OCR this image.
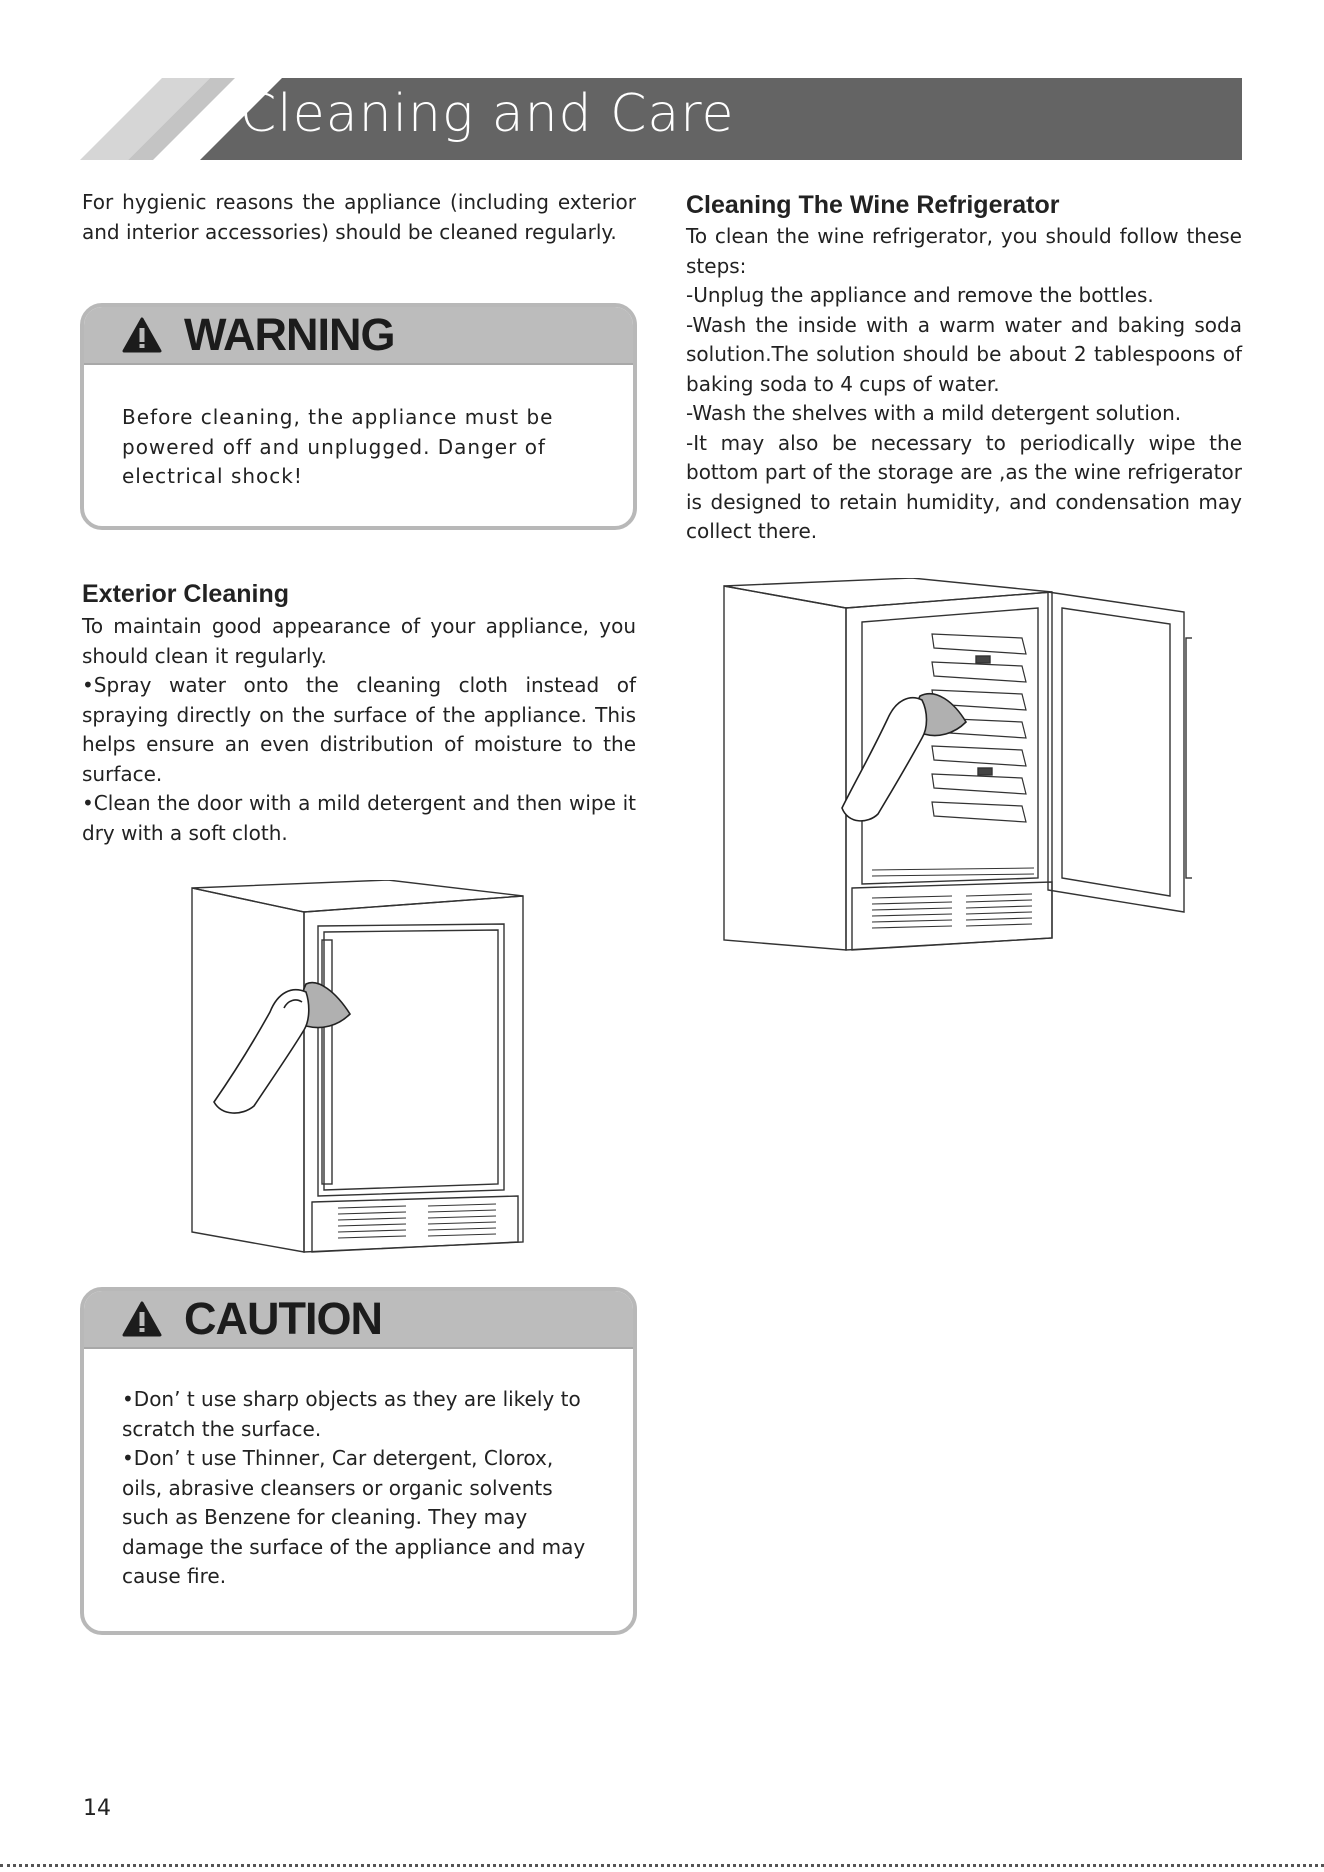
Cleaning and Care

For hygienic reasons the appliance (including exterior and interior accessories) should be cleaned regularly.

WARNING

Before cleaning, the appliance must be powered off and unplugged. Danger of electrical shock!

Exterior Cleaning

To maintain good appearance of your appliance, you should clean it regularly.

•Spray water onto the cleaning cloth instead of spraying directly on the surface of the appliance. This helps ensure an even distribution of moisture to the surface.

•Clean the door with a mild detergent and then wipe it dry with a soft cloth.

CAUTION

•Don’ t use sharp objects as they are likely to scratch the surface.

•Don’ t use Thinner, Car detergent, Clorox, oils, abrasive cleansers or organic solvents such as Benzene for cleaning. They may damage the surface of the appliance and may cause fire.

Cleaning The Wine Refrigerator

To clean the wine refrigerator, you should follow these steps:

-Unplug the appliance and remove the bottles.

-Wash the inside with a warm water and baking soda solution.The solution should be about 2 tablespoons of baking soda to 4 cups of water.

-Wash the shelves with a mild detergent solution.

-It may also be necessary to periodically wipe the bottom part of the storage are ,as the wine refrigerator is designed to retain humidity, and condensation may collect there.

14
